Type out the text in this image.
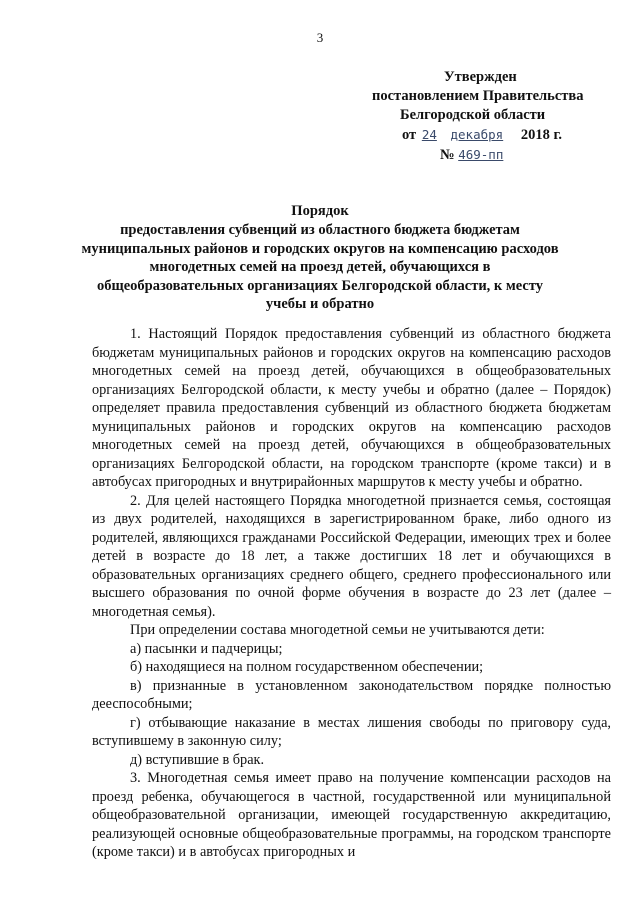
3
Утвержден
постановлением Правительства
Белгородской области
от 24 декабря 2018 г.
№ 469-пп
Порядок
предоставления субвенций из областного бюджета бюджетам муниципальных районов и городских округов на компенсацию расходов многодетных семей на проезд детей, обучающихся в общеобразовательных организациях Белгородской области, к месту учебы и обратно

1. Настоящий Порядок предоставления субвенций из областного бюджета бюджетам муниципальных районов и городских округов на компенсацию расходов многодетных семей на проезд детей, обучающихся в общеобразовательных организациях Белгородской области, к месту учебы и обратно (далее – Порядок) определяет правила предоставления субвенций из областного бюджета бюджетам муниципальных районов и городских округов на компенсацию расходов многодетных семей на проезд детей, обучающихся в общеобразовательных организациях Белгородской области, на городском транспорте (кроме такси) и в автобусах пригородных и внутрирайонных маршрутов к месту учебы и обратно.

2. Для целей настоящего Порядка многодетной признается семья, состоящая из двух родителей, находящихся в зарегистрированном браке, либо одного из родителей, являющихся гражданами Российской Федерации, имеющих трех и более детей в возрасте до 18 лет, а также достигших 18 лет и обучающихся в образовательных организациях среднего общего, среднего профессионального или высшего образования по очной форме обучения в возрасте до 23 лет (далее – многодетная семья).

При определении состава многодетной семьи не учитываются дети:

а) пасынки и падчерицы;

б) находящиеся на полном государственном обеспечении;

в) признанные в установленном законодательством порядке полностью дееспособными;

г) отбывающие наказание в местах лишения свободы по приговору суда, вступившему в законную силу;

д) вступившие в брак.

3. Многодетная семья имеет право на получение компенсации расходов на проезд ребенка, обучающегося в частной, государственной или муниципальной общеобразовательной организации, имеющей государственную аккредитацию, реализующей основные общеобразовательные программы, на городском транспорте (кроме такси) и в автобусах пригородных и
